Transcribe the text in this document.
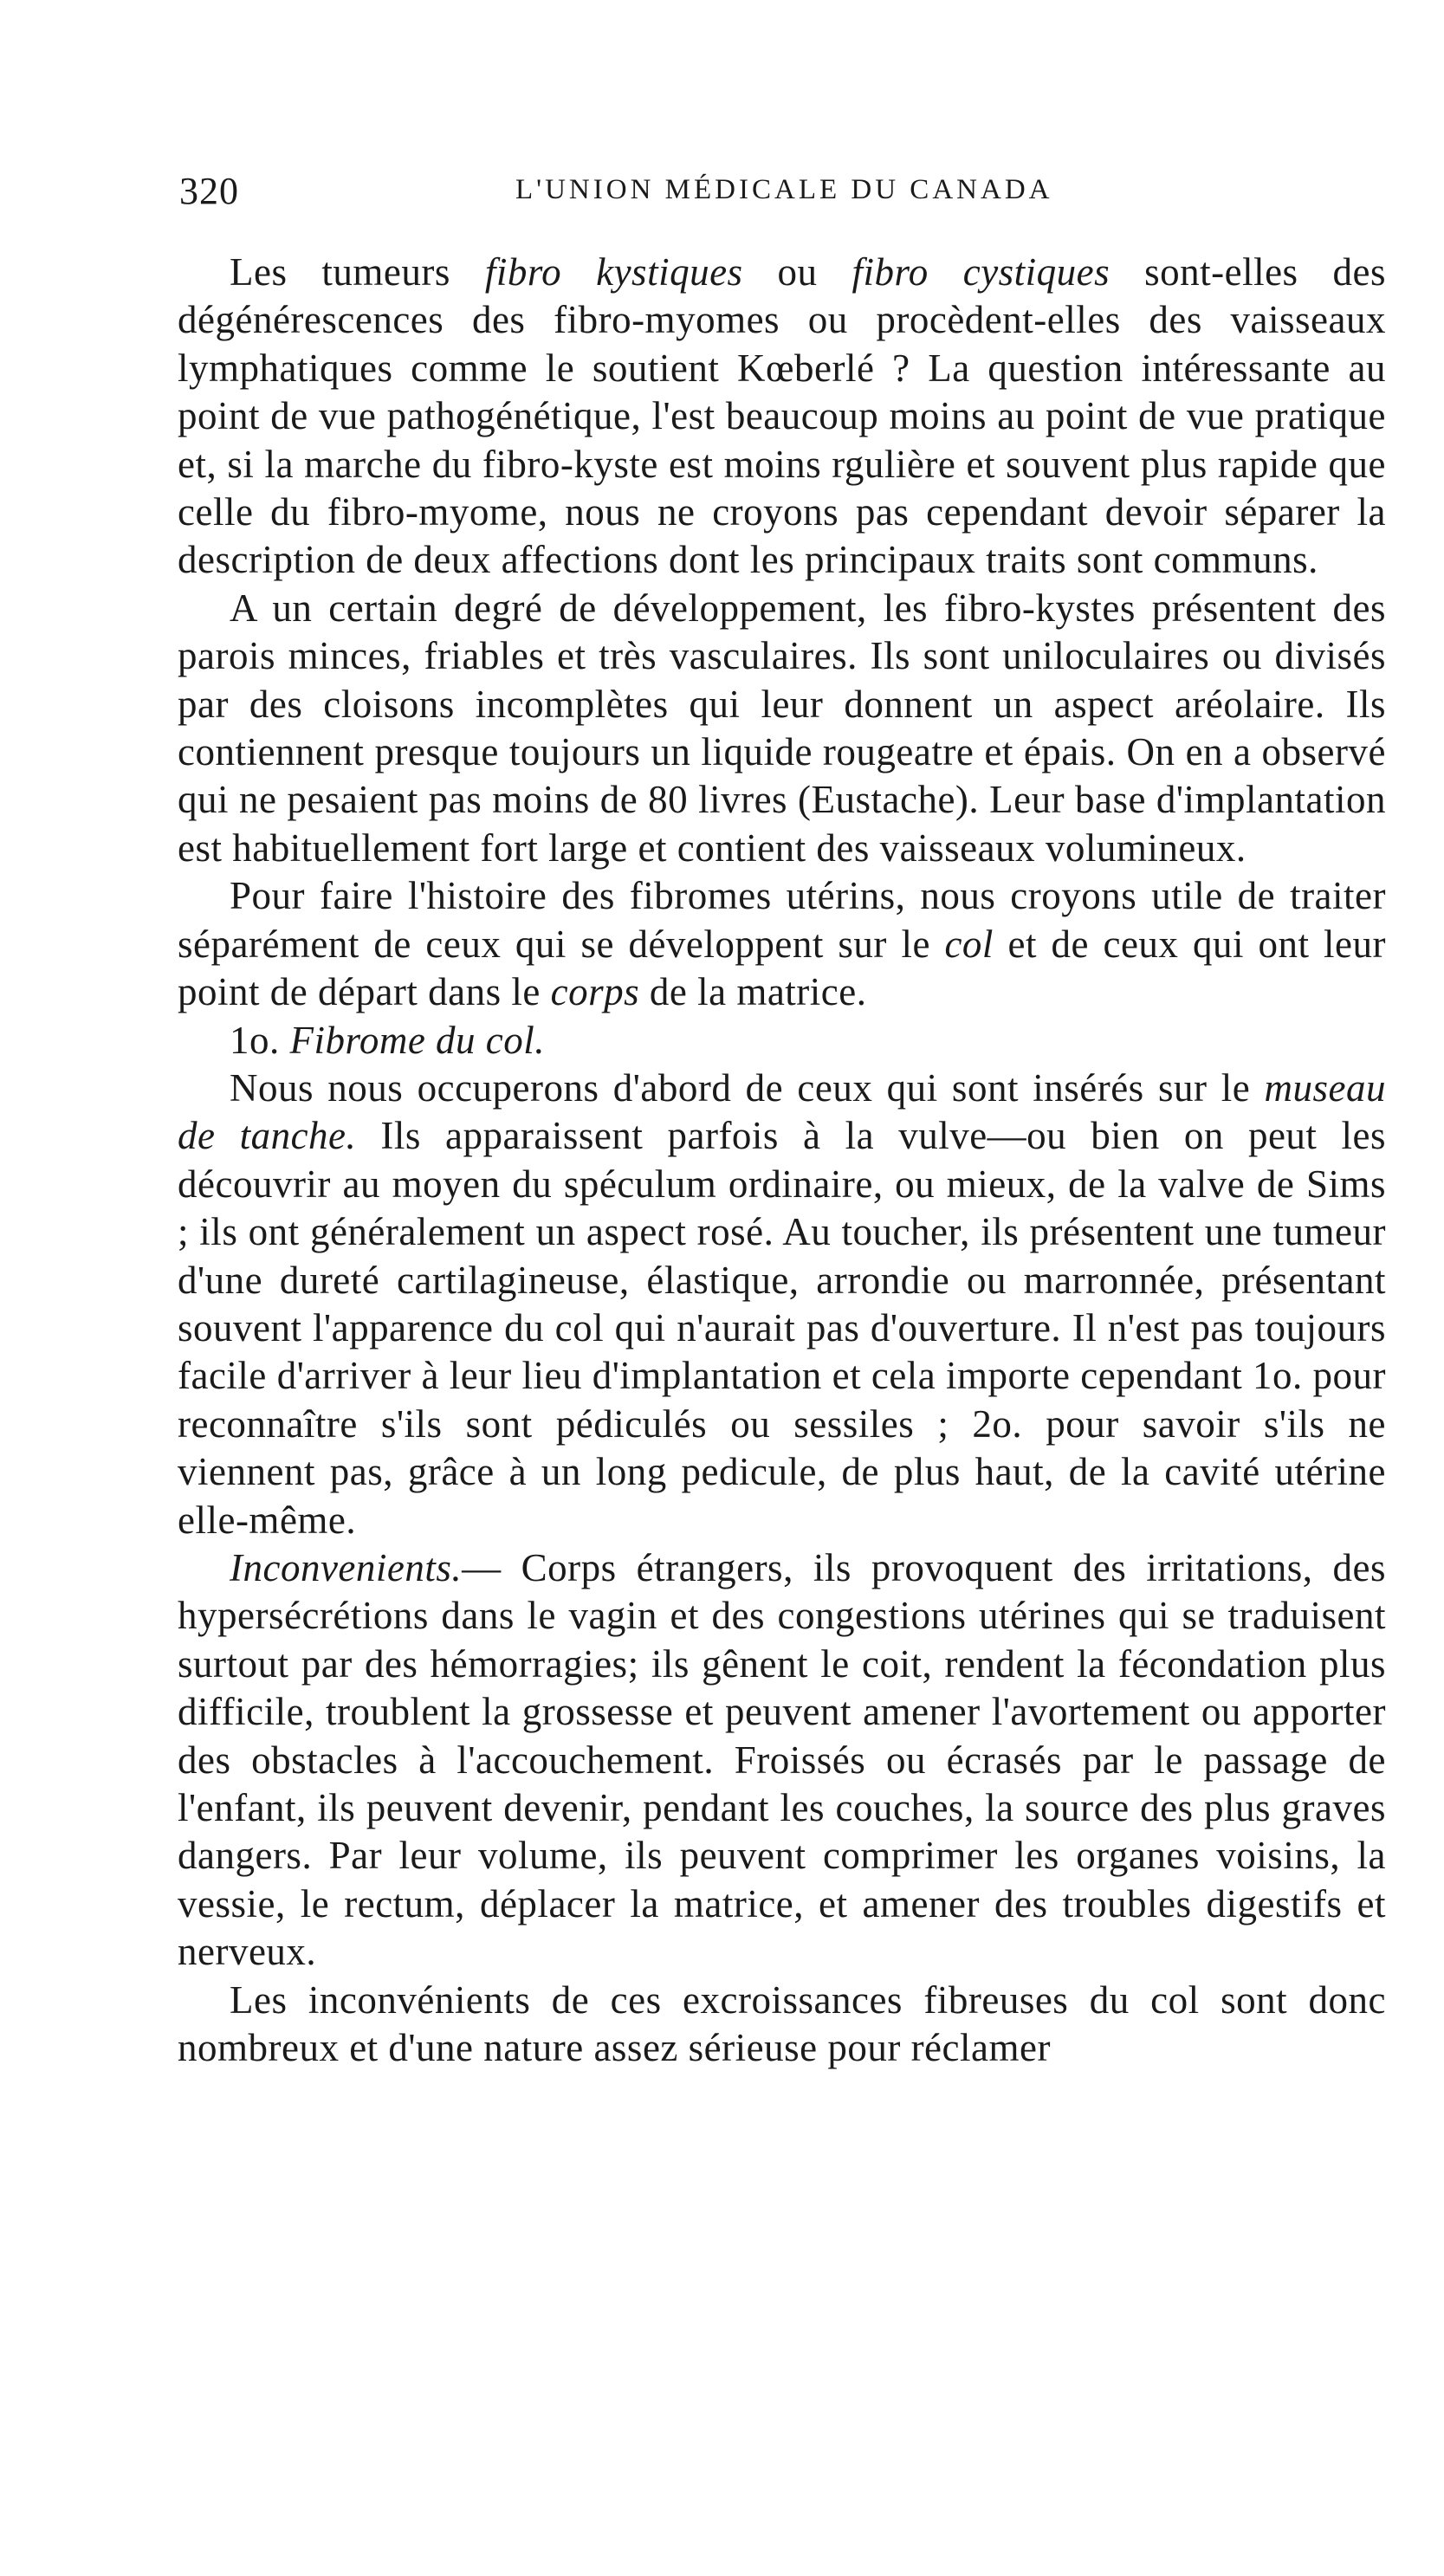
320	L'UNION MÉDICALE DU CANADA

Les tumeurs fibro kystiques ou fibro cystiques sont-elles des dégénérescences des fibro-myomes ou procèdent-elles des vaisseaux lymphatiques comme le soutient Kœberlé ? La question intéressante au point de vue pathogénétique, l'est beaucoup moins au point de vue pratique et, si la marche du fibro-kyste est moins rgulière et souvent plus rapide que celle du fibro-myome, nous ne croyons pas cependant devoir séparer la description de deux affections dont les principaux traits sont communs.

A un certain degré de développement, les fibro-kystes présentent des parois minces, friables et très vasculaires. Ils sont uniloculaires ou divisés par des cloisons incomplètes qui leur donnent un aspect aréolaire. Ils contiennent presque toujours un liquide rougeatre et épais. On en a observé qui ne pesaient pas moins de 80 livres (Eustache). Leur base d'implantation est habituellement fort large et contient des vaisseaux volumineux.

Pour faire l'histoire des fibromes utérins, nous croyons utile de traiter séparément de ceux qui se développent sur le col et de ceux qui ont leur point de départ dans le corps de la matrice.

1o. Fibrome du col.

Nous nous occuperons d'abord de ceux qui sont insérés sur le museau de tanche. Ils apparaissent parfois à la vulve—ou bien on peut les découvrir au moyen du spéculum ordinaire, ou mieux, de la valve de Sims ; ils ont généralement un aspect rosé. Au toucher, ils présentent une tumeur d'une dureté cartilagineuse, élastique, arrondie ou marronnée, présentant souvent l'apparence du col qui n'aurait pas d'ouverture. Il n'est pas toujours facile d'arriver à leur lieu d'implantation et cela importe cependant 1o. pour reconnaître s'ils sont pédiculés ou sessiles ; 2o. pour savoir s'ils ne viennent pas, grâce à un long pedicule, de plus haut, de la cavité utérine elle-même.

Inconvenients.— Corps étrangers, ils provoquent des irritations, des hypersécrétions dans le vagin et des congestions utérines qui se traduisent surtout par des hémorragies; ils gênent le coit, rendent la fécondation plus difficile, troublent la grossesse et peuvent amener l'avortement ou apporter des obstacles à l'accouchement. Froissés ou écrasés par le passage de l'enfant, ils peuvent devenir, pendant les couches, la source des plus graves dangers. Par leur volume, ils peuvent comprimer les organes voisins, la vessie, le rectum, déplacer la matrice, et amener des troubles digestifs et nerveux.

Les inconvénients de ces excroissances fibreuses du col sont donc nombreux et d'une nature assez sérieuse pour réclamer
